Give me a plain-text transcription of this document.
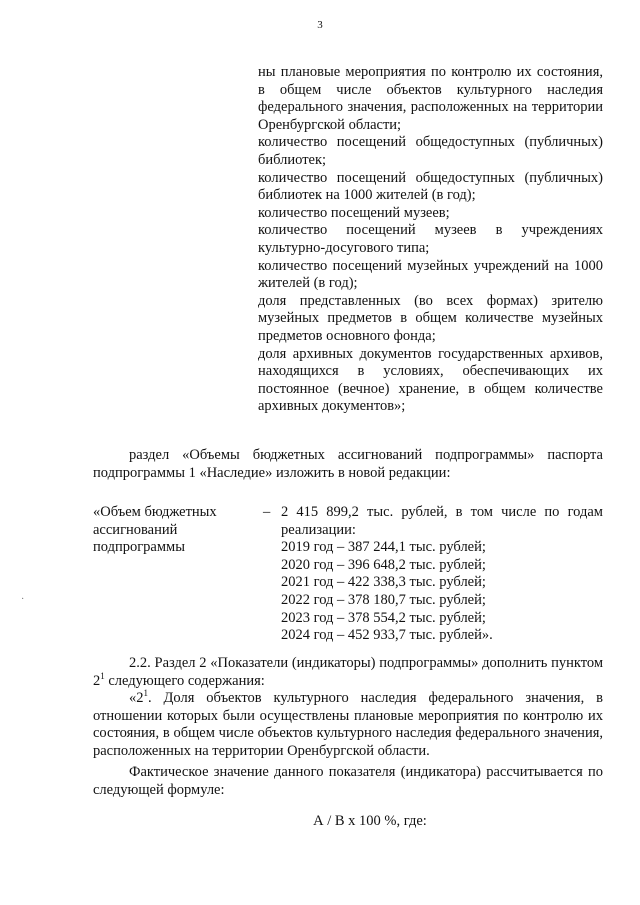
3

ны плановые мероприятия по контролю их состояния, в общем числе объектов культурного наследия федерального значения, расположенных на территории Оренбургской области;

количество посещений общедоступных (публичных) библиотек;

количество посещений общедоступных (публичных) библиотек на 1000 жителей (в год);

количество посещений музеев;

количество посещений музеев в учреждениях культурно-досугового типа;

количество посещений музейных учреждений на 1000 жителей (в год);

доля представленных (во всех формах) зрителю музейных предметов в общем количестве музейных предметов основного фонда;

доля архивных документов государственных архивов, находящихся в условиях, обеспечивающих их постоянное (вечное) хранение, в общем количестве архивных документов»;

раздел «Объемы бюджетных ассигнований подпрограммы» паспорта подпрограммы 1 «Наследие» изложить в новой редакции:

«Объем бюджетных ассигнований подпрограммы
– 2 415 899,2 тыс. рублей, в том числе по годам реализации:
2019 год – 387 244,1 тыс. рублей;
2020 год – 396 648,2 тыс. рублей;
2021 год – 422 338,3 тыс. рублей;
2022 год – 378 180,7 тыс. рублей;
2023 год – 378 554,2 тыс. рублей;
2024 год – 452 933,7 тыс. рублей».

2.2. Раздел 2 «Показатели (индикаторы) подпрограммы» дополнить пунктом $2^1$ следующего содержания:

«$2^1$. Доля объектов культурного наследия федерального значения, в отношении которых были осуществлены плановые мероприятия по контролю их состояния, в общем числе объектов культурного наследия федерального значения, расположенных на территории Оренбургской области.

Фактическое значение данного показателя (индикатора) рассчитывается по следующей формуле:

А / В х 100 %, где:
·
